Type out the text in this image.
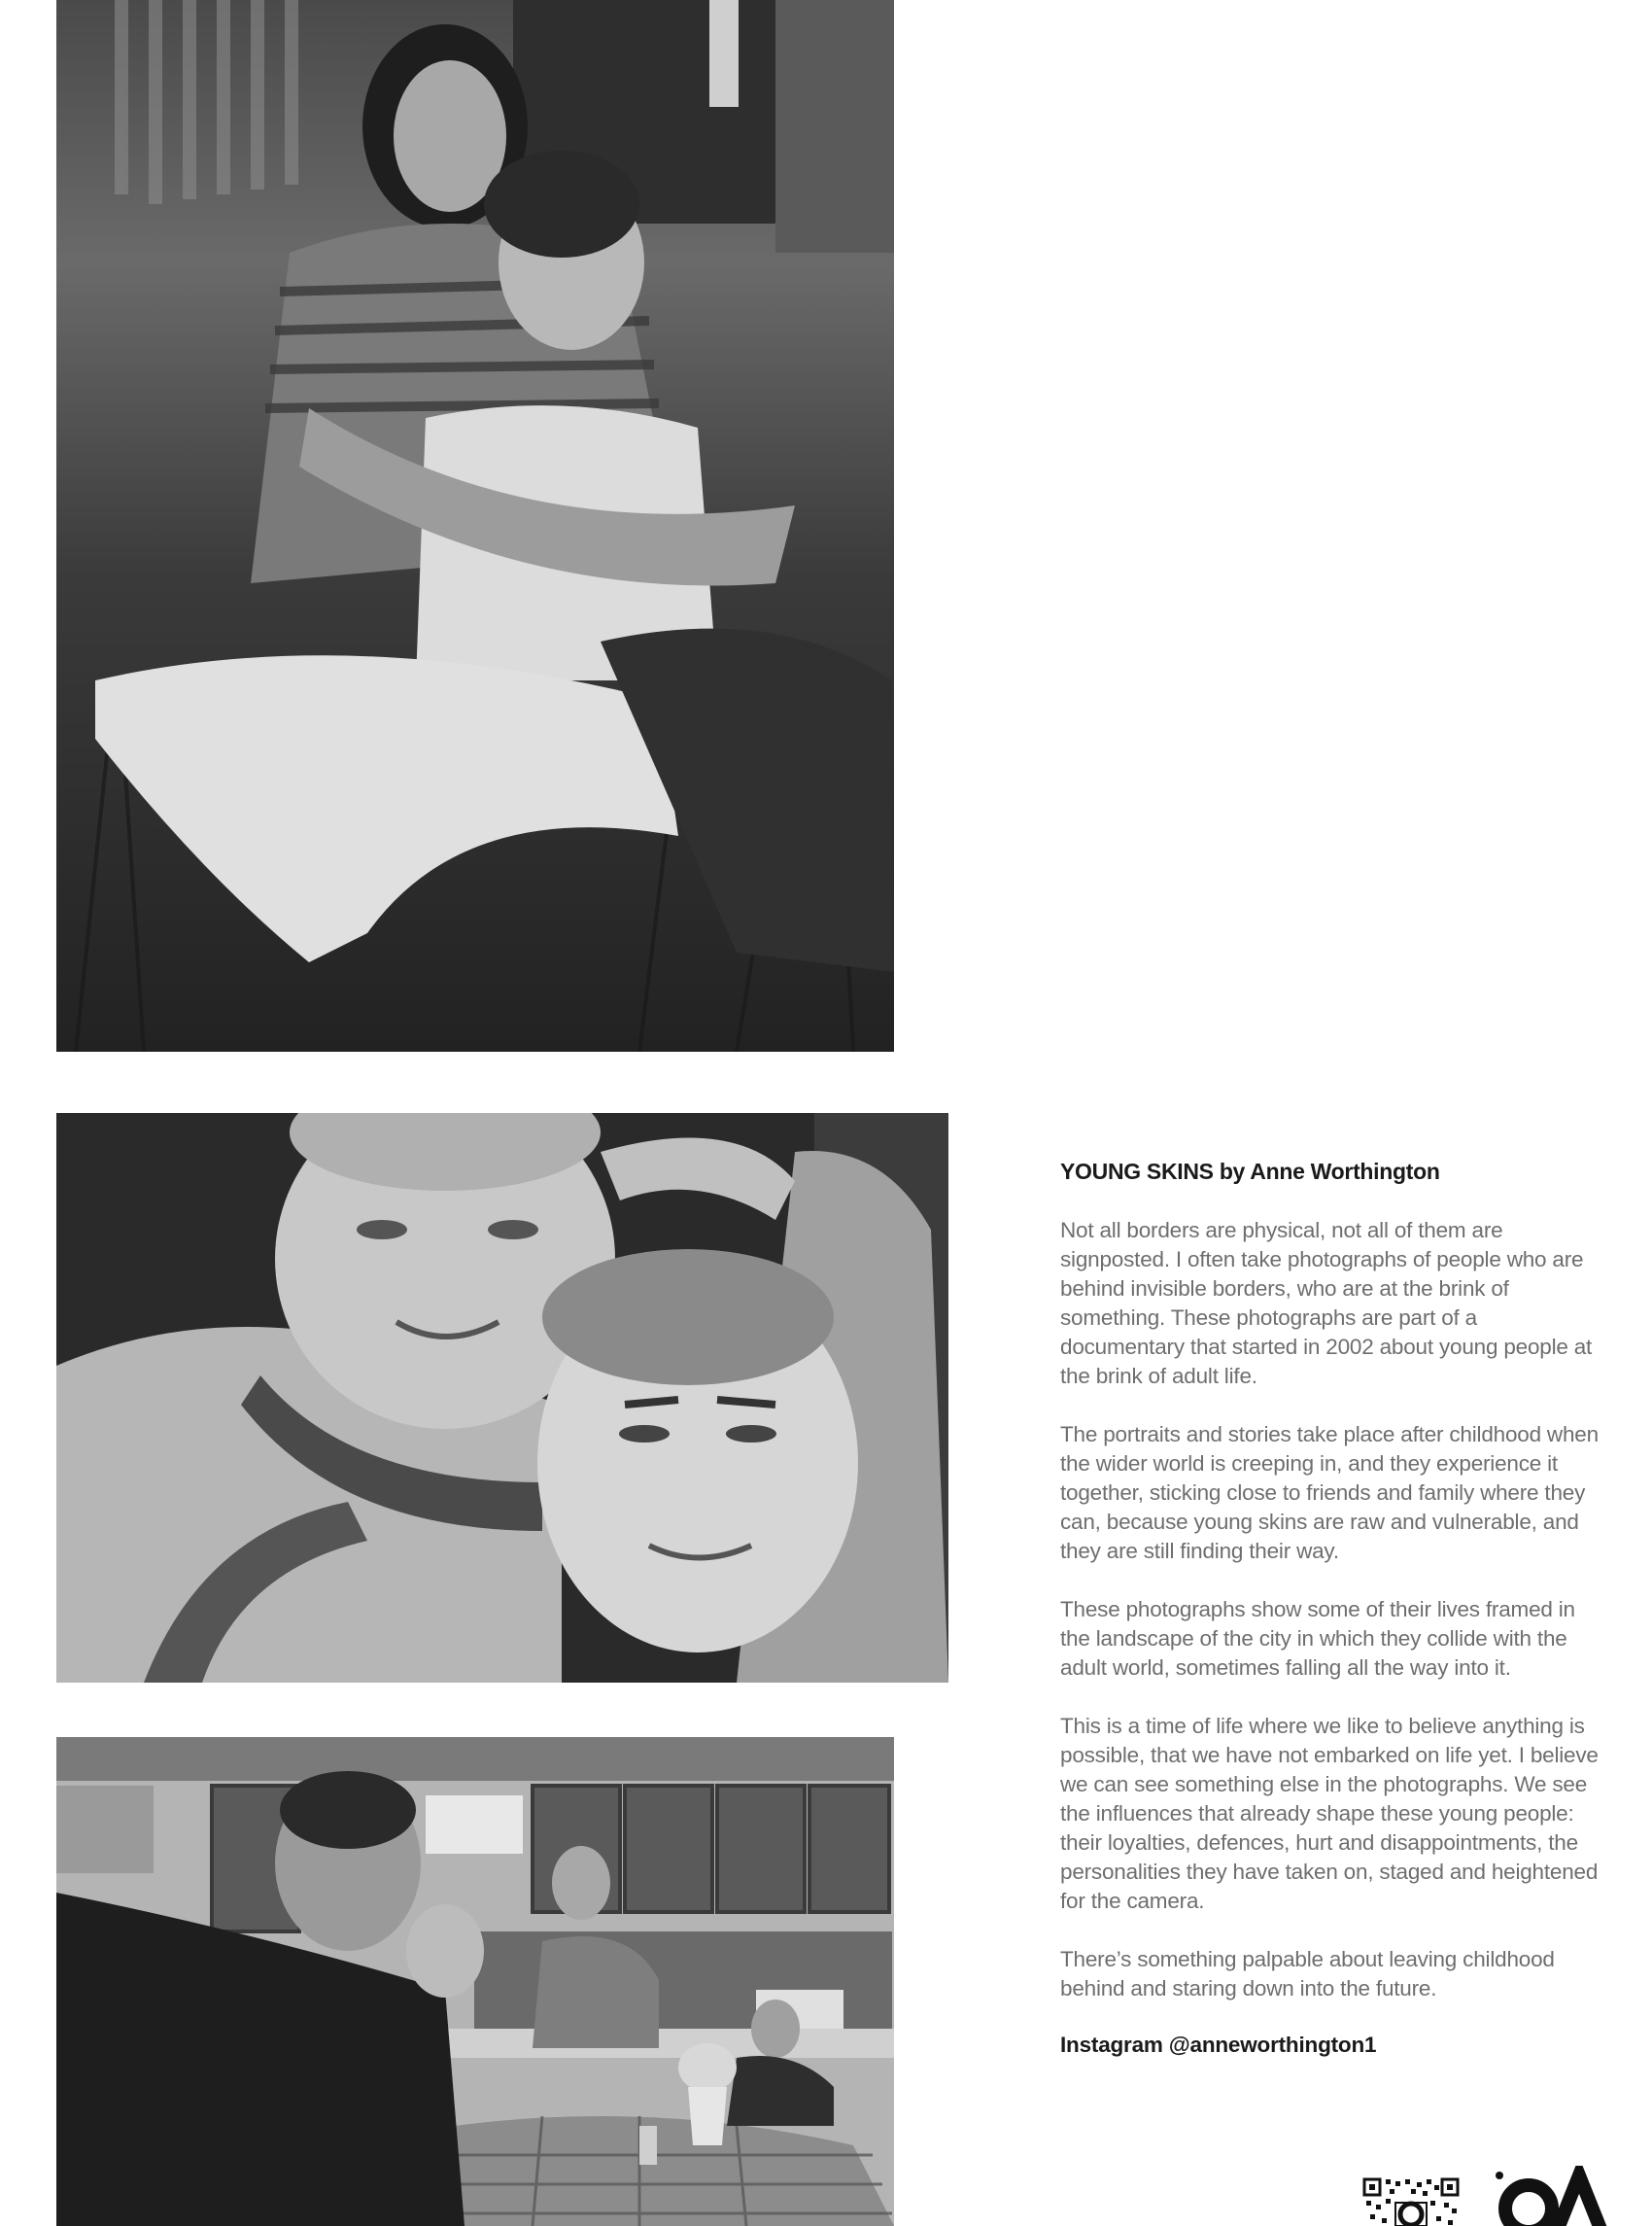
YOUNG SKINS by Anne Worthington

Not all borders are physical, not all of them are signposted. I often take photographs of people who are behind invisible borders, who are at the brink of something. These photographs are part of a documentary that started in 2002 about young people at the brink of adult life.

The portraits and stories take place after childhood when the wider world is creeping in, and they experience it together, sticking close to friends and family where they can, because young skins are raw and vulnerable, and they are still finding their way.

These photographs show some of their lives framed in the landscape of the city in which they collide with the adult world, sometimes falling all the way into it.

This is a time of life where we like to believe anything is possible, that we have not embarked on life yet. I believe we can see something else in the photographs. We see the influences that already shape these young people: their loyalties, defences, hurt and disappointments, the personalities they have taken on, staged and heightened for the camera.

There’s something palpable about leaving childhood behind and staring down into the future.

Instagram @anneworthington1
